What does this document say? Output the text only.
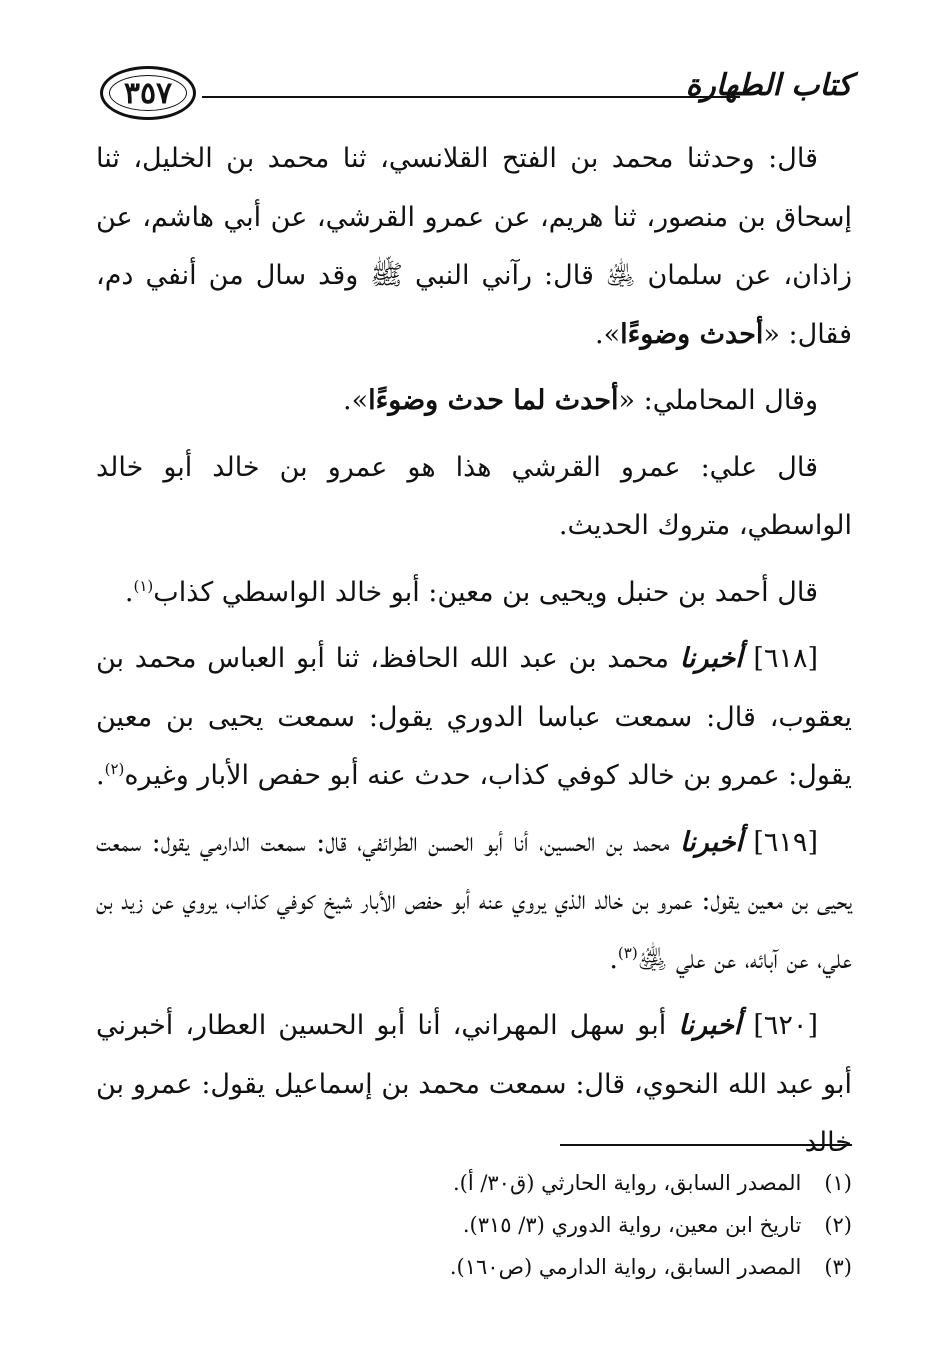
٣٥٧	كتاب الطهارة

قال: وحدثنا محمد بن الفتح القلانسي، ثنا محمد بن الخليل، ثنا إسحاق بن منصور، ثنا هريم، عن عمرو القرشي، عن أبي هاشم، عن زاذان، عن سلمان ﵁ قال: رآني النبي ﷺ وقد سال من أنفي دم، فقال: «أحدث وضوءًا».

وقال المحاملي: «أحدث لما حدث وضوءًا».

قال علي: عمرو القرشي هذا هو عمرو بن خالد أبو خالد الواسطي، متروك الحديث.

قال أحمد بن حنبل ويحيى بن معين: أبو خالد الواسطي كذاب$^{(١)}$.

[٦١٨] أخبرنا محمد بن عبد الله الحافظ، ثنا أبو العباس محمد بن يعقوب، قال: سمعت عباسا الدوري يقول: سمعت يحيى بن معين يقول: عمرو بن خالد كوفي كذاب، حدث عنه أبو حفص الأبار وغيره$^{(٢)}$.

[٦١٩] أخبرنا محمد بن الحسين، أنا أبو الحسن الطرائفي، قال: سمعت الدارمي يقول: سمعت يحيى بن معين يقول: عمرو بن خالد الذي يروي عنه أبو حفص الأبار شيخ كوفي كذاب، يروي عن زيد بن علي، عن آبائه، عن علي ﵁$^{(٣)}$.

[٦٢٠] أخبرنا أبو سهل المهراني، أنا أبو الحسين العطار، أخبرني أبو عبد الله النحوي، قال: سمعت محمد بن إسماعيل يقول: عمرو بن خالد

(١) المصدر السابق، رواية الحارثي (ق٣٠/ أ).

(٢) تاريخ ابن معين، رواية الدوري (٣/ ٣١٥).

(٣) المصدر السابق، رواية الدارمي (ص١٦٠).
